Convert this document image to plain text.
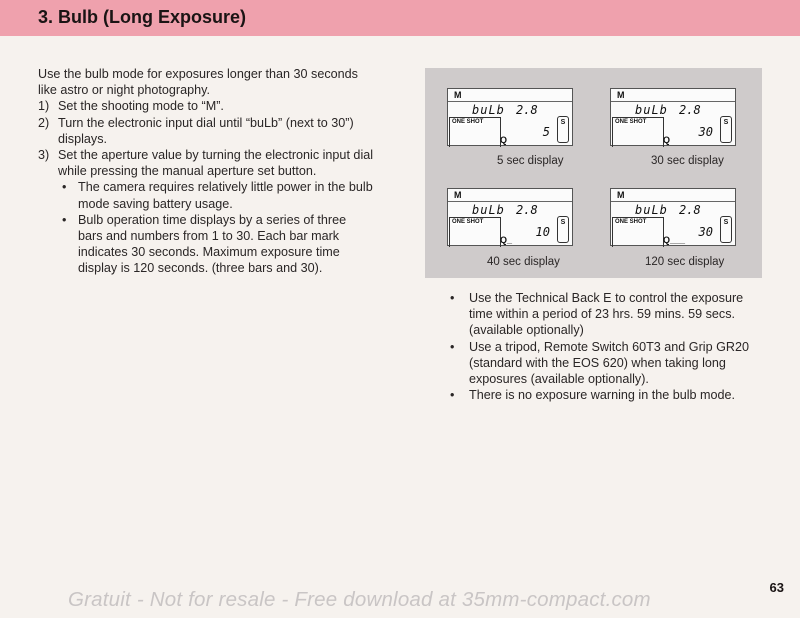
3. Bulb (Long Exposure)

Use the bulb mode for exposures longer than 30 seconds like astro or night photography.

1) Set the shooting mode to “M”.
2) Turn the electronic input dial until “buLb” (next to 30”) displays.
3) Set the aperture value by turning the electronic input dial while pressing the manual aperture set button.
• The camera requires relatively little power in the bulb mode saving battery usage.
• Bulb operation time displays by a series of three bars and numbers from 1 to 30. Each bar mark indicates 30 seconds. Maximum exposure time display is 120 seconds. (three bars and 30).
M
buLb 2.8
ONE SHOT
Q
5
S
5 sec display
M
buLb 2.8
ONE SHOT
Q
30
S
30 sec display
M
buLb 2.8
ONE SHOT
Q_
10
S
40 sec display
M
buLb 2.8
ONE SHOT
Q___
30
S
120 sec display
• Use the Technical Back E to control the exposure time within a period of 23 hrs. 59 mins. 59 secs. (available optionally)
• Use a tripod, Remote Switch 60T3 and Grip GR20 (standard with the EOS 620) when taking long exposures (available optionally).
• There is no exposure warning in the bulb mode.
63
Gratuit - Not for resale - Free download at 35mm-compact.com
